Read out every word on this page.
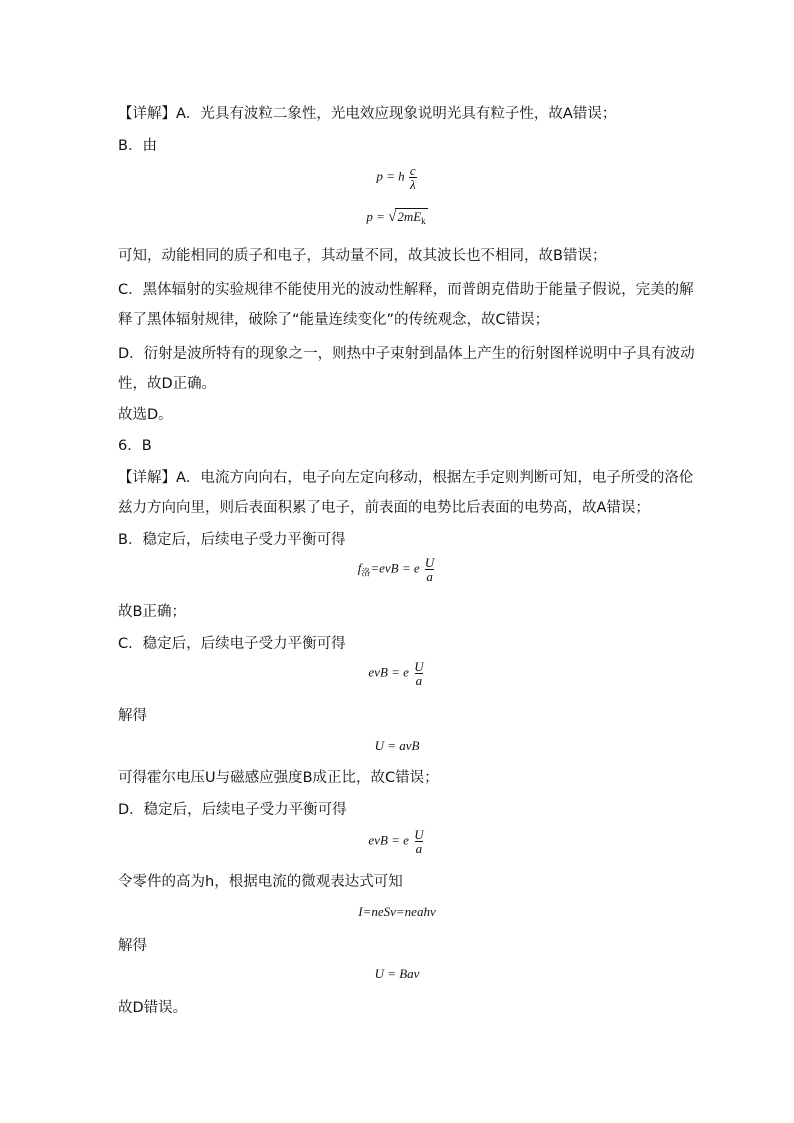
【详解】A．光具有波粒二象性，光电效应现象说明光具有粒子性，故A错误；
B．由
p = h $\frac{c}{\lambda}$
$p = √2mE_k$
可知，动能相同的质子和电子，其动量不同，故其波长也不相同，故B错误；
C．黑体辐射的实验规律不能使用光的波动性解释，而普朗克借助于能量子假说，完美的解
释了黑体辐射规律，破除了“能量连续变化”的传统观念，故C错误；
D．衍射是波所特有的现象之一，则热中子束射到晶体上产生的衍射图样说明中子具有波动
性，故D正确。
故选D。
6．B
【详解】A．电流方向向右，电子向左定向移动，根据左手定则判断可知，电子所受的洛伦
兹力方向向里，则后表面积累了电子，前表面的电势比后表面的电势高，故A错误；
B．稳定后，后续电子受力平衡可得
$f_洛=evB = e \frac{U}{a}$
故B正确；
C．稳定后，后续电子受力平衡可得
evB = e $\frac{U}{a}$
解得
U = avB
可得霍尔电压U与磁感应强度B成正比，故C错误；
D．稳定后，后续电子受力平衡可得
evB = e $\frac{U}{a}$
令零件的高为h，根据电流的微观表达式可知
I=neSv=neahv
解得
U = Bav
故D错误。
